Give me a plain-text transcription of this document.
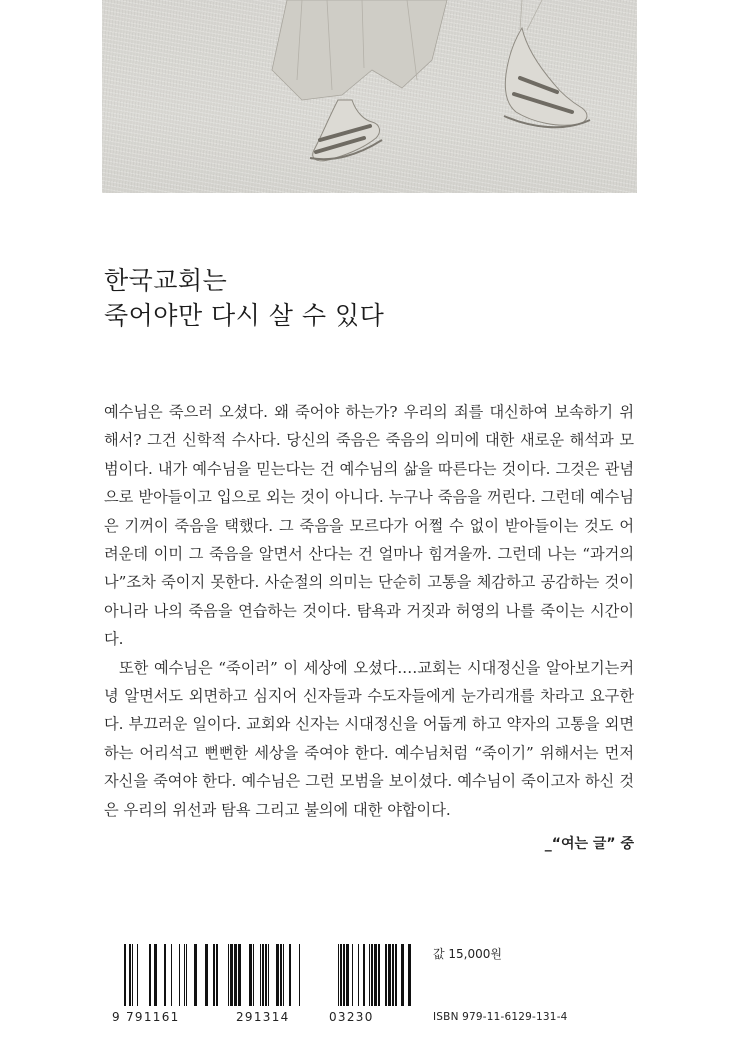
한국교회는
죽어야만 다시 살 수 있다

예수님은 죽으러 오셨다. 왜 죽어야 하는가? 우리의 죄를 대신하여 보속하기 위해서? 그건 신학적 수사다. 당신의 죽음은 죽음의 의미에 대한 새로운 해석과 모범이다. 내가 예수님을 믿는다는 건 예수님의 삶을 따른다는 것이다. 그것은 관념으로 받아들이고 입으로 외는 것이 아니다. 누구나 죽음을 꺼린다. 그런데 예수님은 기꺼이 죽음을 택했다. 그 죽음을 모르다가 어쩔 수 없이 받아들이는 것도 어려운데 이미 그 죽음을 알면서 산다는 건 얼마나 힘겨울까. 그런데 나는 “과거의 나”조차 죽이지 못한다. 사순절의 의미는 단순히 고통을 체감하고 공감하는 것이 아니라 나의 죽음을 연습하는 것이다. 탐욕과 거짓과 허영의 나를 죽이는 시간이다.

또한 예수님은 “죽이러” 이 세상에 오셨다.…교회는 시대정신을 알아보기는커녕 알면서도 외면하고 심지어 신자들과 수도자들에게 눈가리개를 차라고 요구한다. 부끄러운 일이다. 교회와 신자는 시대정신을 어둡게 하고 약자의 고통을 외면하는 어리석고 뻔뻔한 세상을 죽여야 한다. 예수님처럼 “죽이기” 위해서는 먼저 자신을 죽여야 한다. 예수님은 그런 모범을 보이셨다. 예수님이 죽이고자 하신 것은 우리의 위선과 탐욕 그리고 불의에 대한 야합이다.

_“여는 글” 중
9 791161	291314	03230
값 15,000원
ISBN 979-11-6129-131-4
